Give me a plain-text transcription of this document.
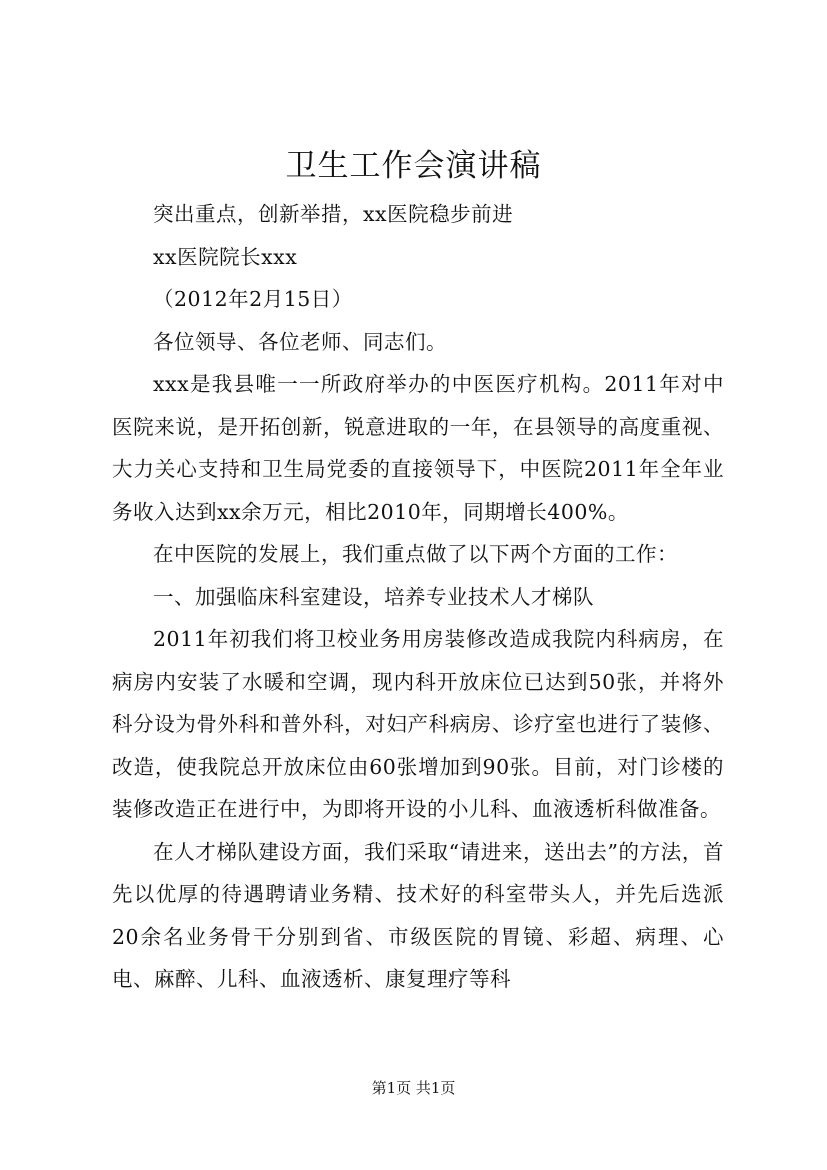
卫生工作会演讲稿

突出重点，创新举措，xx医院稳步前进

xx医院院长xxx

（2012年2月15日）

各位领导、各位老师、同志们。

xxx是我县唯一一所政府举办的中医医疗机构。2011年对中医院来说，是开拓创新，锐意进取的一年，在县领导的高度重视、大力关心支持和卫生局党委的直接领导下，中医院2011年全年业务收入达到xx余万元，相比2010年，同期增长400%。

在中医院的发展上，我们重点做了以下两个方面的工作：

一、加强临床科室建设，培养专业技术人才梯队

2011年初我们将卫校业务用房装修改造成我院内科病房，在病房内安装了水暖和空调，现内科开放床位已达到50张，并将外科分设为骨外科和普外科，对妇产科病房、诊疗室也进行了装修、改造，使我院总开放床位由60张增加到90张。目前，对门诊楼的装修改造正在进行中，为即将开设的小儿科、血液透析科做准备。

在人才梯队建设方面，我们采取“请进来，送出去”的方法，首先以优厚的待遇聘请业务精、技术好的科室带头人，并先后选派20余名业务骨干分别到省、市级医院的胃镜、彩超、病理、心电、麻醉、儿科、血液透析、康复理疗等科

第1页 共1页
